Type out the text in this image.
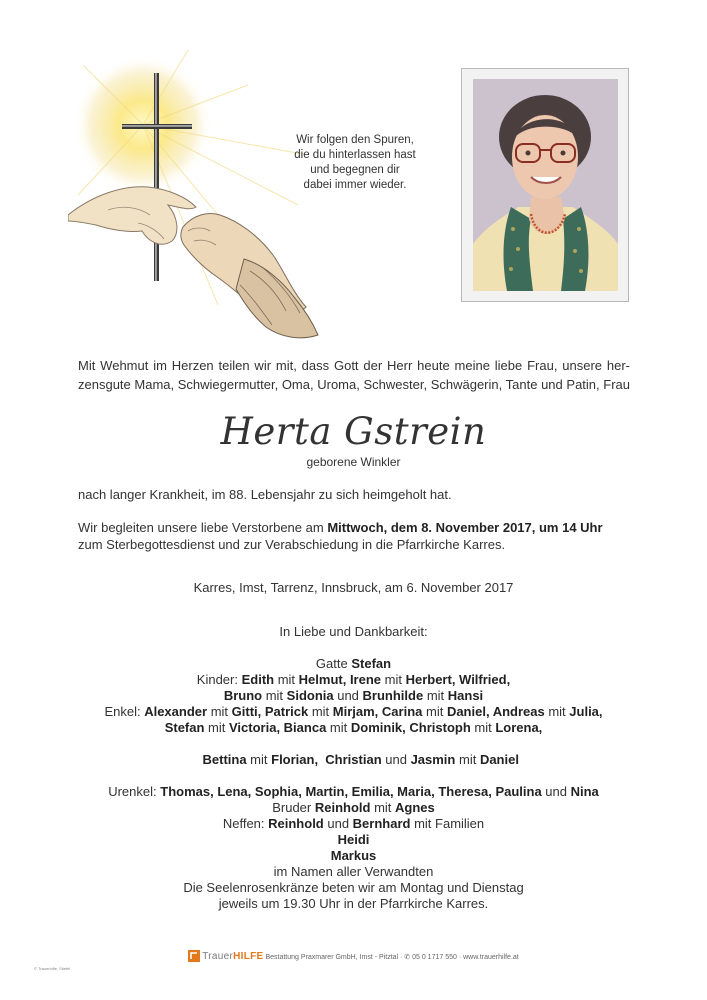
Wir folgen den Spuren,
die du hinterlassen hast
und begegnen dir
dabei immer wieder.
Mit Wehmut im Herzen teilen wir mit, dass Gott der Herr heute meine liebe Frau, unsere her-
zensgute Mama, Schwiegermutter, Oma, Uroma, Schwester, Schwägerin, Tante und Patin, Frau
Herta Gstrein
geborene Winkler
nach langer Krankheit, im 88. Lebensjahr zu sich heimgeholt hat.
Wir begleiten unsere liebe Verstorbene am Mittwoch, dem 8. November 2017, um 14 Uhr
zum Sterbegottesdienst und zur Verabschiedung in die Pfarrkirche Karres.
Karres, Imst, Tarrenz, Innsbruck, am 6. November 2017
In Liebe und Dankbarkeit:
Gatte Stefan
Kinder: Edith mit Helmut, Irene mit Herbert, Wilfried,
Bruno mit Sidonia und Brunhilde mit Hansi
Enkel: Alexander mit Gitti, Patrick mit Mirjam, Carina mit Daniel, Andreas mit Julia,
Stefan mit Victoria, Bianca mit Dominik, Christoph mit Lorena,

Bettina mit Florian,  Christian und Jasmin mit Daniel

Urenkel: Thomas, Lena, Sophia, Martin, Emilia, Maria, Theresa, Paulina und Nina
Bruder Reinhold mit Agnes
Neffen: Reinhold und Bernhard mit Familien
Heidi
Markus
im Namen aller Verwandten
Die Seelenrosenkränze beten wir am Montag und Dienstag
jeweils um 19.30 Uhr in der Pfarrkirche Karres.
TrauerHILFE Bestattung Praxmarer GmbH, Imst - Pitztal · ✆ 05 0 1717 550 · www.trauerhilfe.at
© Trauerhilfe, Stiefel
